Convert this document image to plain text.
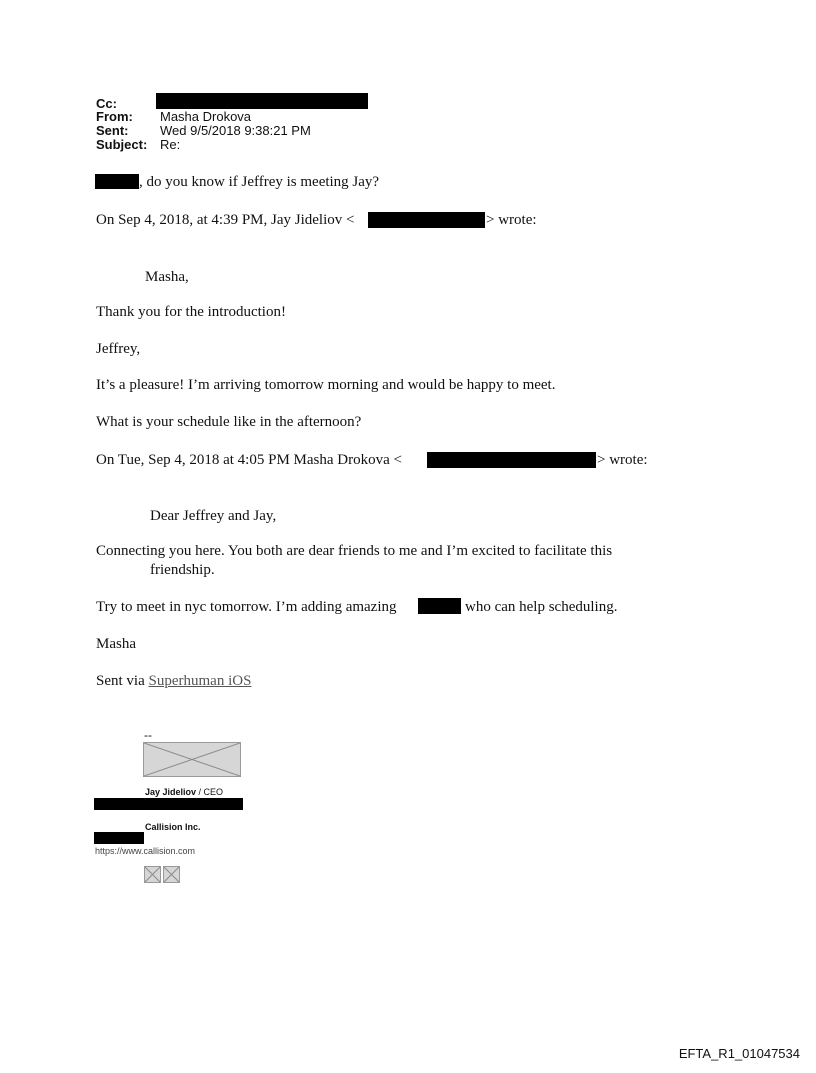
Cc:
From: Masha Drokova
Sent: Wed 9/5/2018 9:38:21 PM
Subject: Re:
, do you know if Jeffrey is meeting Jay?
On Sep 4, 2018, at 4:39 PM, Jay Jideliov <	> wrote:
Masha,
Thank you for the introduction!
Jeffrey,
It’s a pleasure! I’m arriving tomorrow morning and would be happy to meet.
What is your schedule like in the afternoon?
On Tue, Sep 4, 2018 at 4:05 PM Masha Drokova <	> wrote:
Dear Jeffrey and Jay,
Connecting you here. You both are dear friends to me and I’m excited to facilitate this
friendship.
Try to meet in nyc tomorrow. I’m adding amazing	who can help scheduling.
Masha
Sent via Superhuman iOS
--
Jay Jideliov / CEO
Callision Inc.
https://www.callision.com
EFTA_R1_01047534
